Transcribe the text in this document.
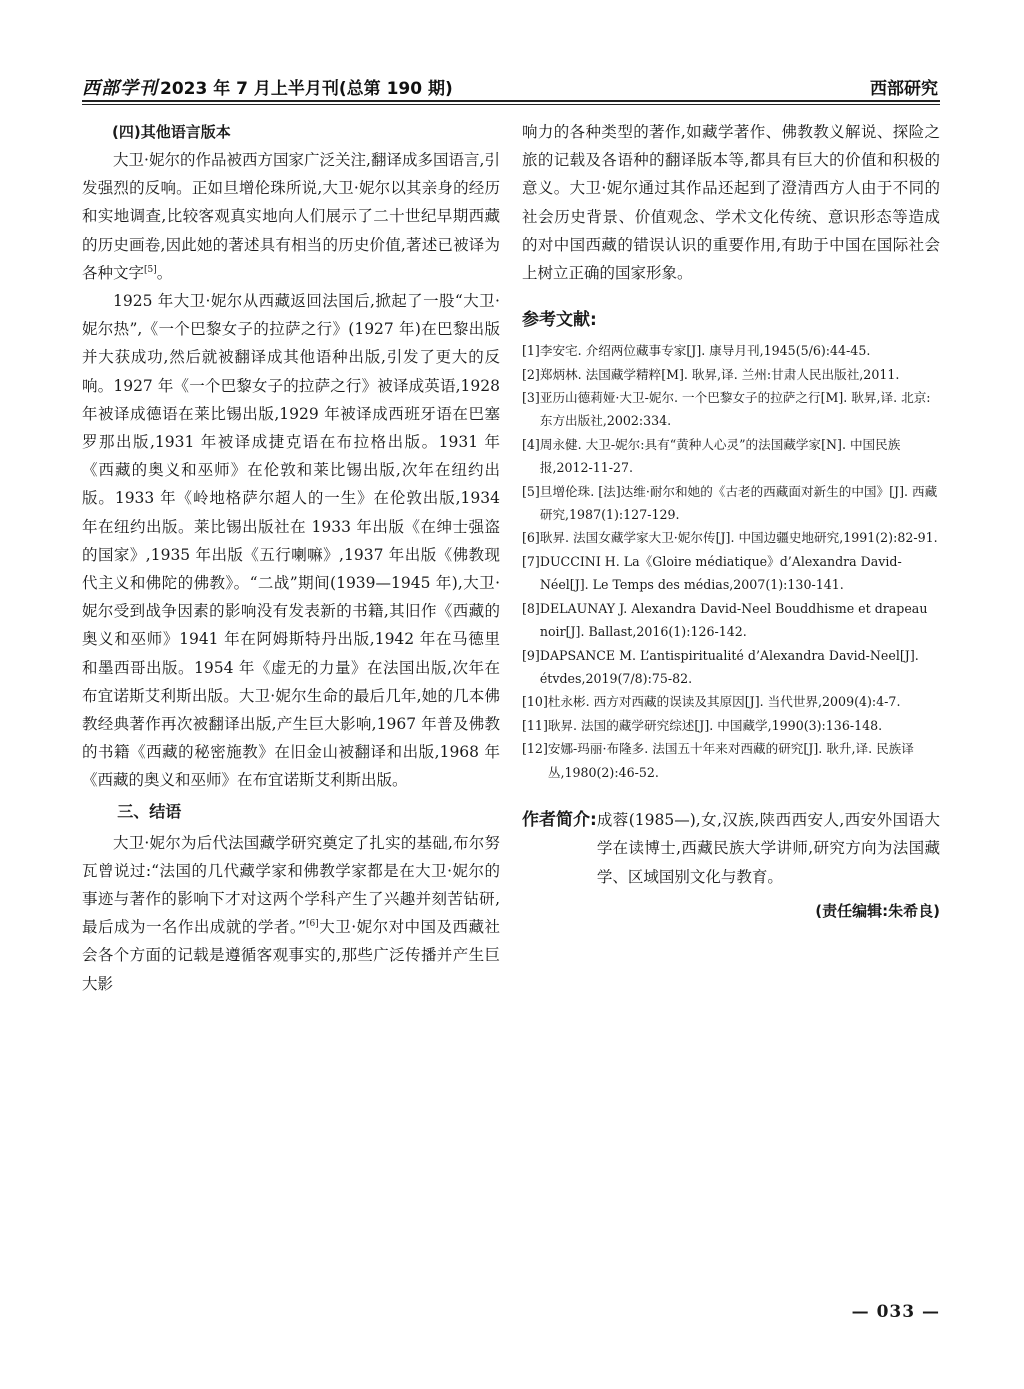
西部学刊 2023 年 7 月上半月刊(总第 190 期)	西部研究
(四)其他语言版本

大卫·妮尔的作品被西方国家广泛关注,翻译成多国语言,引发强烈的反响。正如旦增伦珠所说,大卫·妮尔以其亲身的经历和实地调查,比较客观真实地向人们展示了二十世纪早期西藏的历史画卷,因此她的著述具有相当的历史价值,著述已被译为各种文字[5]。

1925 年大卫·妮尔从西藏返回法国后,掀起了一股“大卫·妮尔热”,《一个巴黎女子的拉萨之行》(1927 年)在巴黎出版并大获成功,然后就被翻译成其他语种出版,引发了更大的反响。1927 年《一个巴黎女子的拉萨之行》被译成英语,1928 年被译成德语在莱比锡出版,1929 年被译成西班牙语在巴塞罗那出版,1931 年被译成捷克语在布拉格出版。1931 年《西藏的奥义和巫师》在伦敦和莱比锡出版,次年在纽约出版。1933 年《岭地格萨尔超人的一生》在伦敦出版,1934 年在纽约出版。莱比锡出版社在 1933 年出版《在绅士强盗的国家》,1935 年出版《五行喇嘛》,1937 年出版《佛教现代主义和佛陀的佛教》。“二战”期间(1939—1945 年),大卫·妮尔受到战争因素的影响没有发表新的书籍,其旧作《西藏的奥义和巫师》1941 年在阿姆斯特丹出版,1942 年在马德里和墨西哥出版。1954 年《虚无的力量》在法国出版,次年在布宜诺斯艾利斯出版。大卫·妮尔生命的最后几年,她的几本佛教经典著作再次被翻译出版,产生巨大影响,1967 年普及佛教的书籍《西藏的秘密施教》在旧金山被翻译和出版,1968 年《西藏的奥义和巫师》在布宜诺斯艾利斯出版。

三、结语

大卫·妮尔为后代法国藏学研究奠定了扎实的基础,布尔努瓦曾说过:“法国的几代藏学家和佛教学家都是在大卫·妮尔的事迹与著作的影响下才对这两个学科产生了兴趣并刻苦钻研,最后成为一名作出成就的学者。”[6]大卫·妮尔对中国及西藏社会各个方面的记载是遵循客观事实的,那些广泛传播并产生巨大影

响力的各种类型的著作,如藏学著作、佛教教义解说、探险之旅的记载及各语种的翻译版本等,都具有巨大的价值和积极的意义。大卫·妮尔通过其作品还起到了澄清西方人由于不同的社会历史背景、价值观念、学术文化传统、意识形态等造成的对中国西藏的错误认识的重要作用,有助于中国在国际社会上树立正确的国家形象。

参考文献:
[1] 李安宅. 介绍两位藏事专家[J]. 康导月刊,1945(5/6):44-45.
[2] 郑炳林. 法国藏学精粹[M]. 耿昇,译. 兰州:甘肃人民出版社,2011.
[3] 亚历山德莉娅·大卫-妮尔. 一个巴黎女子的拉萨之行[M]. 耿昇,译. 北京:东方出版社,2002:334.
[4] 周永健. 大卫-妮尔:具有“黄种人心灵”的法国藏学家[N]. 中国民族报,2012-11-27.
[5] 旦增伦珠. [法]达维·耐尔和她的《古老的西藏面对新生的中国》[J]. 西藏研究,1987(1):127-129.
[6] 耿昇. 法国女藏学家大卫·妮尔传[J]. 中国边疆史地研究,1991(2):82-91.
[7] DUCCINI H. La《Gloire médiatique》d’Alexandra David-Néel[J]. Le Temps des médias,2007(1):130-141.
[8] DELAUNAY J. Alexandra David-Neel Bouddhisme et drapeau noir[J]. Ballast,2016(1):126-142.
[9] DAPSANCE M. L’antispiritualité d’Alexandra David-Neel[J]. étvdes,2019(7/8):75-82.
[10] 杜永彬. 西方对西藏的误读及其原因[J]. 当代世界,2009(4):4-7.
[11] 耿昇. 法国的藏学研究综述[J]. 中国藏学,1990(3):136-148.
[12] 安娜-玛丽·布隆多. 法国五十年来对西藏的研究[J]. 耿升,译. 民族译丛,1980(2):46-52.
作者简介: 成蓉(1985—),女,汉族,陕西西安人,西安外国语大学在读博士,西藏民族大学讲师,研究方向为法国藏学、区域国别文化与教育。
(责任编辑:朱希良)
— 033 —
